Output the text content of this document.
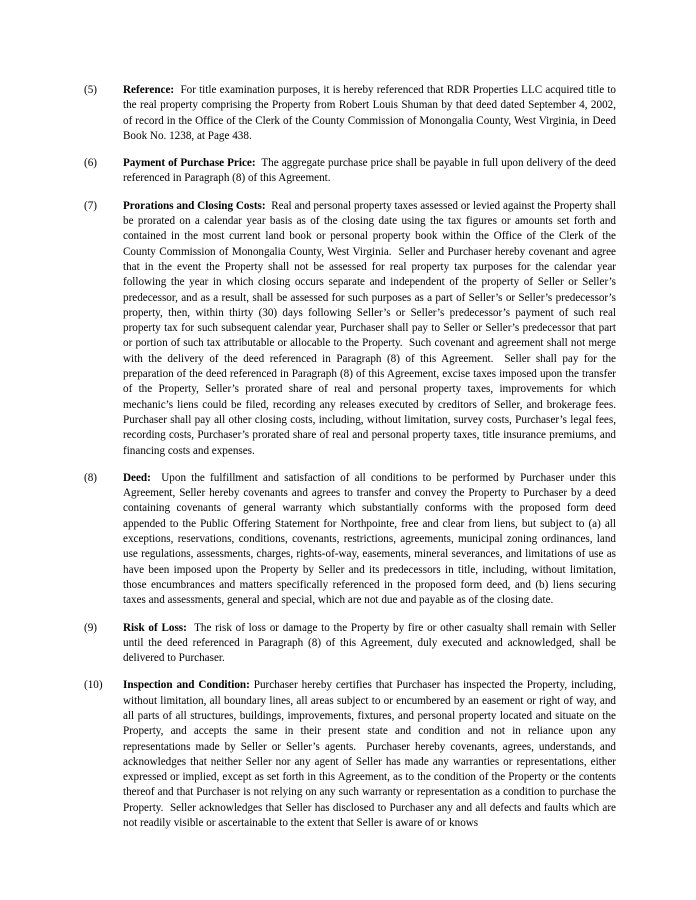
(5) Reference:  For title examination purposes, it is hereby referenced that RDR Properties LLC acquired title to the real property comprising the Property from Robert Louis Shuman by that deed dated September 4, 2002, of record in the Office of the Clerk of the County Commission of Monongalia County, West Virginia, in Deed Book No. 1238, at Page 438.
(6) Payment of Purchase Price:  The aggregate purchase price shall be payable in full upon delivery of the deed referenced in Paragraph (8) of this Agreement.
(7) Prorations and Closing Costs:  Real and personal property taxes assessed or levied against the Property shall be prorated on a calendar year basis as of the closing date using the tax figures or amounts set forth and contained in the most current land book or personal property book within the Office of the Clerk of the County Commission of Monongalia County, West Virginia.  Seller and Purchaser hereby covenant and agree that in the event the Property shall not be assessed for real property tax purposes for the calendar year following the year in which closing occurs separate and independent of the property of Seller or Seller’s predecessor, and as a result, shall be assessed for such purposes as a part of Seller’s or Seller’s predecessor’s property, then, within thirty (30) days following Seller’s or Seller’s predecessor’s payment of such real property tax for such subsequent calendar year, Purchaser shall pay to Seller or Seller’s predecessor that part or portion of such tax attributable or allocable to the Property.  Such covenant and agreement shall not merge with the delivery of the deed referenced in Paragraph (8) of this Agreement.  Seller shall pay for the preparation of the deed referenced in Paragraph (8) of this Agreement, excise taxes imposed upon the transfer of the Property, Seller’s prorated share of real and personal property taxes, improvements for which mechanic’s liens could be filed, recording any releases executed by creditors of Seller, and brokerage fees.  Purchaser shall pay all other closing costs, including, without limitation, survey costs, Purchaser’s legal fees, recording costs, Purchaser’s prorated share of real and personal property taxes, title insurance premiums, and financing costs and expenses.
(8) Deed:  Upon the fulfillment and satisfaction of all conditions to be performed by Purchaser under this Agreement, Seller hereby covenants and agrees to transfer and convey the Property to Purchaser by a deed containing covenants of general warranty which substantially conforms with the proposed form deed appended to the Public Offering Statement for Northpointe, free and clear from liens, but subject to (a) all exceptions, reservations, conditions, covenants, restrictions, agreements, municipal zoning ordinances, land use regulations, assessments, charges, rights-of-way, easements, mineral severances, and limitations of use as have been imposed upon the Property by Seller and its predecessors in title, including, without limitation, those encumbrances and matters specifically referenced in the proposed form deed, and (b) liens securing taxes and assessments, general and special, which are not due and payable as of the closing date.
(9) Risk of Loss:  The risk of loss or damage to the Property by fire or other casualty shall remain with Seller until the deed referenced in Paragraph (8) of this Agreement, duly executed and acknowledged, shall be delivered to Purchaser.
(10) Inspection and Condition: Purchaser hereby certifies that Purchaser has inspected the Property, including, without limitation, all boundary lines, all areas subject to or encumbered by an easement or right of way, and all parts of all structures, buildings, improvements, fixtures, and personal property located and situate on the Property, and accepts the same in their present state and condition and not in reliance upon any representations made by Seller or Seller’s agents.  Purchaser hereby covenants, agrees, understands, and acknowledges that neither Seller nor any agent of Seller has made any warranties or representations, either expressed or implied, except as set forth in this Agreement, as to the condition of the Property or the contents thereof and that Purchaser is not relying on any such warranty or representation as a condition to purchase the Property.  Seller acknowledges that Seller has disclosed to Purchaser any and all defects and faults which are not readily visible or ascertainable to the extent that Seller is aware of or knows
